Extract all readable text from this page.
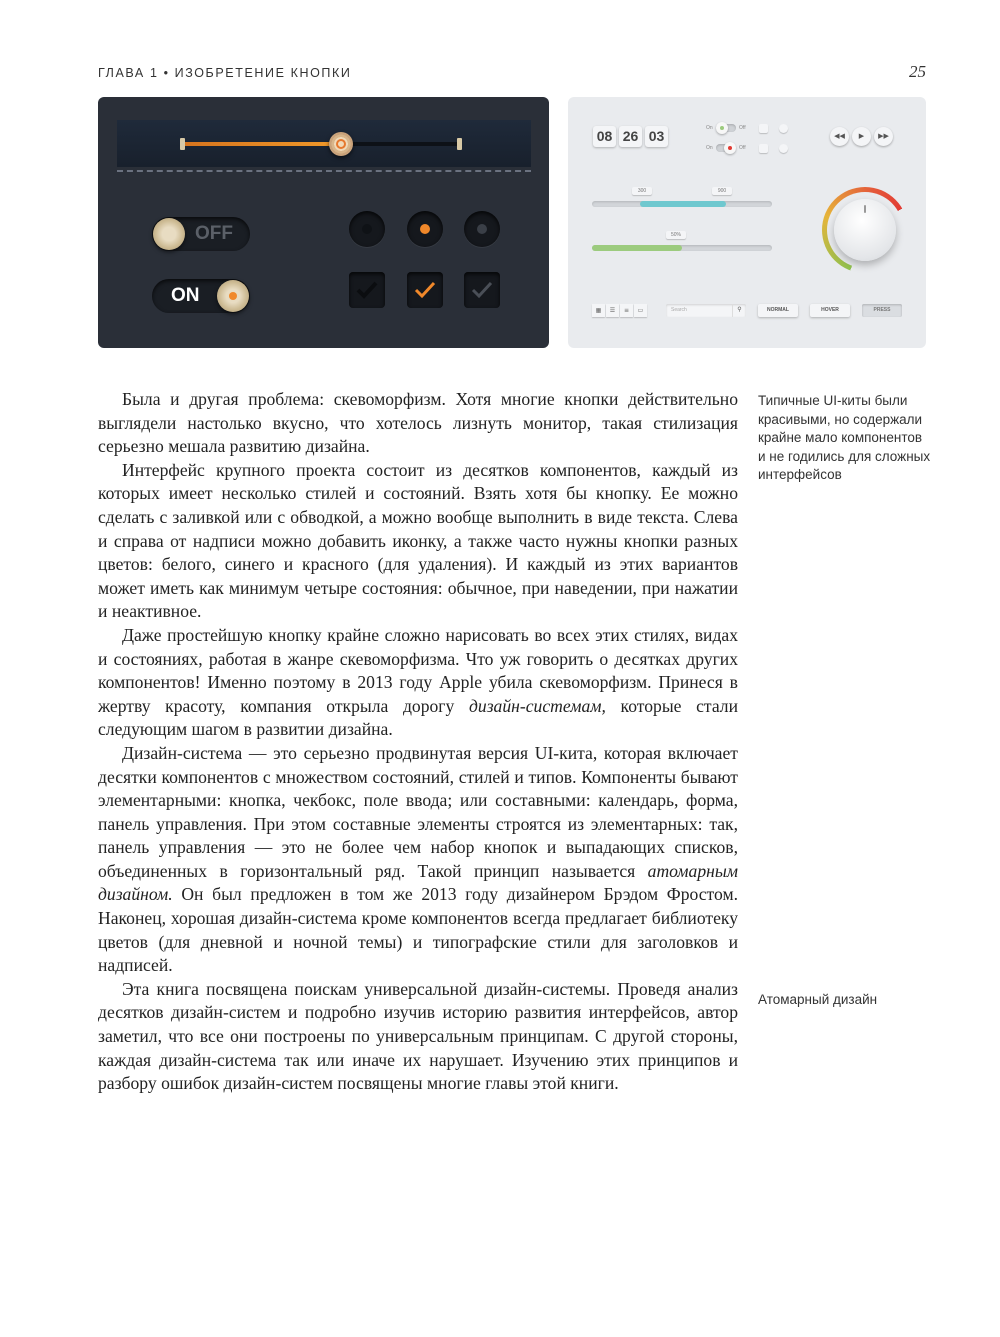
ГЛАВА 1 • ИЗОБРЕТЕНИЕ КНОПКИ	25
OFF
ON
08 26 03	On	Off
On	Off
◀◀	▶	▶▶
300	900
50%
▦	☰	≡	▭	Search	⚲	NORMAL	HOVER	PRESS

Была и другая проблема: скевоморфизм. Хотя многие кнопки действительно выглядели настолько вкусно, что хотелось лизнуть монитор, такая стилизация серьезно мешала развитию дизайна.

Интерфейс крупного проекта состоит из десятков компонентов, каждый из которых имеет несколько стилей и состояний. Взять хотя бы кнопку. Ее можно сделать с заливкой или с обводкой, а можно вообще выполнить в виде текста. Слева и справа от надписи можно добавить иконку, а также часто нужны кнопки разных цветов: белого, синего и красного (для удаления). И каждый из этих вариантов может иметь как минимум четыре состояния: обычное, при наведении, при нажатии и неактивное.

Даже простейшую кнопку крайне сложно нарисовать во всех этих стилях, видах и состояниях, работая в жанре скевоморфизма. Что уж говорить о десятках других компонентов! Именно поэтому в 2013 году Apple убила скевоморфизм. Принеся в жертву красоту, компания открыла дорогу дизайн-системам, которые стали следующим шагом в развитии дизайна.

Дизайн-система — это серьезно продвинутая версия UI-кита, которая включает десятки компонентов с множеством состояний, стилей и типов. Компоненты бывают элементарными: кнопка, чекбокс, поле ввода; или составными: календарь, форма, панель управления. При этом составные элементы строятся из элементарных: так, панель управления — это не более чем набор кнопок и выпадающих списков, объединенных в горизонтальный ряд. Такой принцип называется атомарным дизайном. Он был предложен в том же 2013 году дизайнером Брэдом Фростом. Наконец, хорошая дизайн-система кроме компонентов всегда предлагает библиотеку цветов (для дневной и ночной темы) и типографские стили для заголовков и надписей.

Эта книга посвящена поискам универсальной дизайн-системы. Проведя анализ десятков дизайн-систем и подробно изучив историю развития интерфейсов, автор заметил, что все они построены по универсальным принципам. С другой стороны, каждая дизайн-система так или иначе их нарушает. Изучению этих принципов и разбору ошибок дизайн-систем посвящены многие главы этой книги.

Типичные UI-киты были красивыми, но содержали крайне мало компонентов и не годились для сложных интерфейсов
Атомарный дизайн
